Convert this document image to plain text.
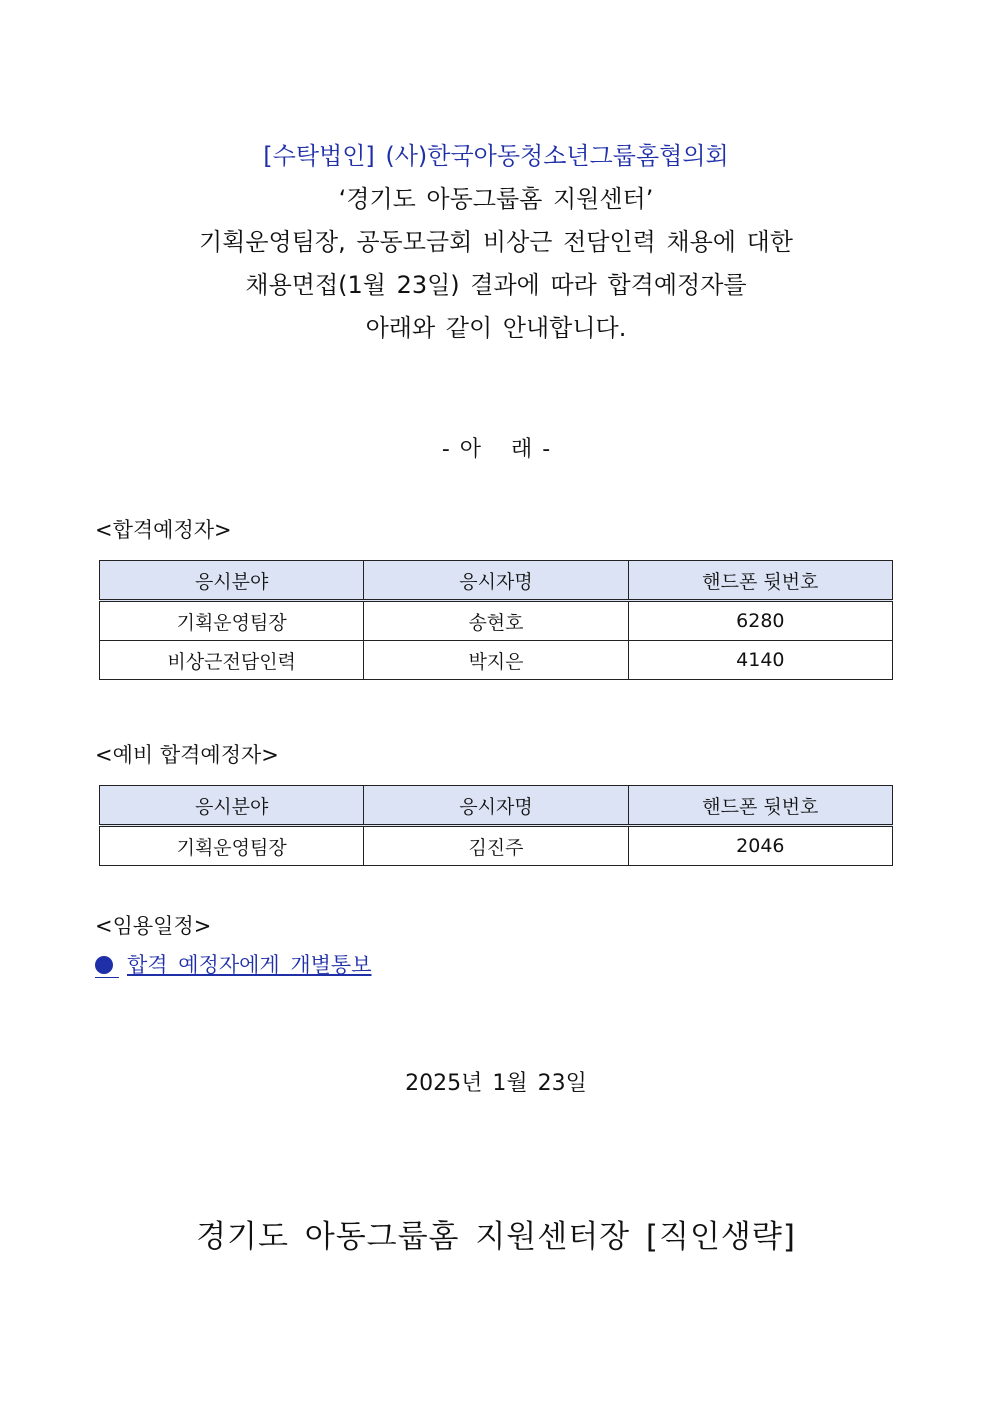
[수탁법인] (사)한국아동청소년그룹홈협의회
‘경기도 아동그룹홈 지원센터’
기획운영팀장, 공동모금회 비상근 전담인력 채용에 대한
채용면접(1월 23일) 결과에 따라 합격예정자를
아래와 같이 안내합니다.
- 아   래 -
<합격예정자>
응시분야	응시자명	핸드폰 뒷번호
기획운영팀장	송현호	6280
비상근전담인력	박지은	4140
<예비 합격예정자>
응시분야	응시자명	핸드폰 뒷번호
기획운영팀장	김진주	2046
<임용일정>
합격 예정자에게 개별통보
2025년 1월 23일
경기도 아동그룹홈 지원센터장 [직인생략]
